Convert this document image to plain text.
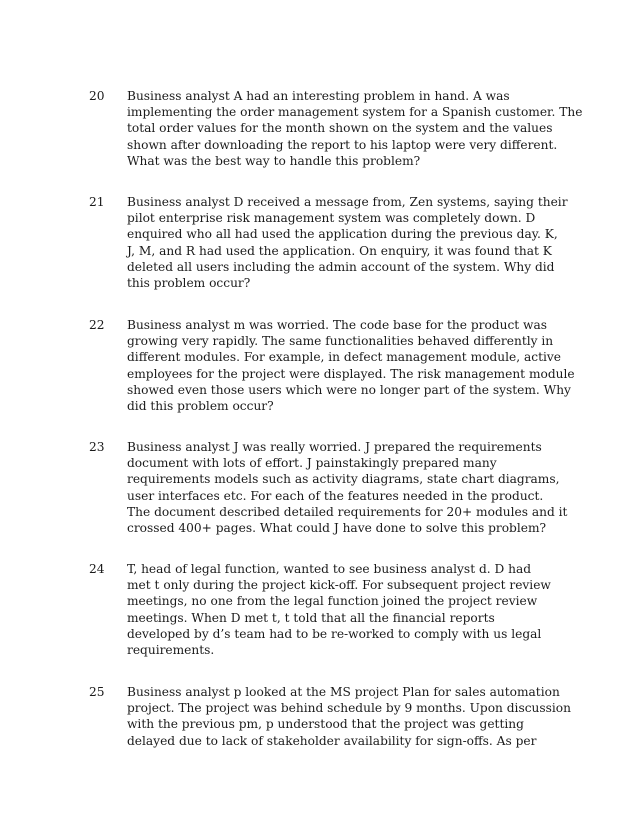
20 Business analyst A had an interesting problem in hand. A was
implementing the order management system for a Spanish customer. The
total order values for the month shown on the system and the values
shown after downloading the report to his laptop were very different.
What was the best way to handle this problem?
21 Business analyst D received a message from, Zen systems, saying their
pilot enterprise risk management system was completely down. D
enquired who all had used the application during the previous day. K,
J, M, and R had used the application. On enquiry, it was found that K
deleted all users including the admin account of the system. Why did
this problem occur?
22 Business analyst m was worried. The code base for the product was
growing very rapidly. The same functionalities behaved differently in
different modules. For example, in defect management module, active
employees for the project were displayed. The risk management module
showed even those users which were no longer part of the system. Why
did this problem occur?
23 Business analyst J was really worried. J prepared the requirements
document with lots of effort. J painstakingly prepared many
requirements models such as activity diagrams, state chart diagrams,
user interfaces etc. For each of the features needed in the product.
The document described detailed requirements for 20+ modules and it
crossed 400+ pages. What could J have done to solve this problem?
24 T, head of legal function, wanted to see business analyst d. D had
met t only during the project kick-off. For subsequent project review
meetings, no one from the legal function joined the project review
meetings. When D met t, t told that all the financial reports
developed by d’s team had to be re-worked to comply with us legal
requirements.
25 Business analyst p looked at the MS project Plan for sales automation
project. The project was behind schedule by 9 months. Upon discussion
with the previous pm, p understood that the project was getting
delayed due to lack of stakeholder availability for sign-offs. As per
